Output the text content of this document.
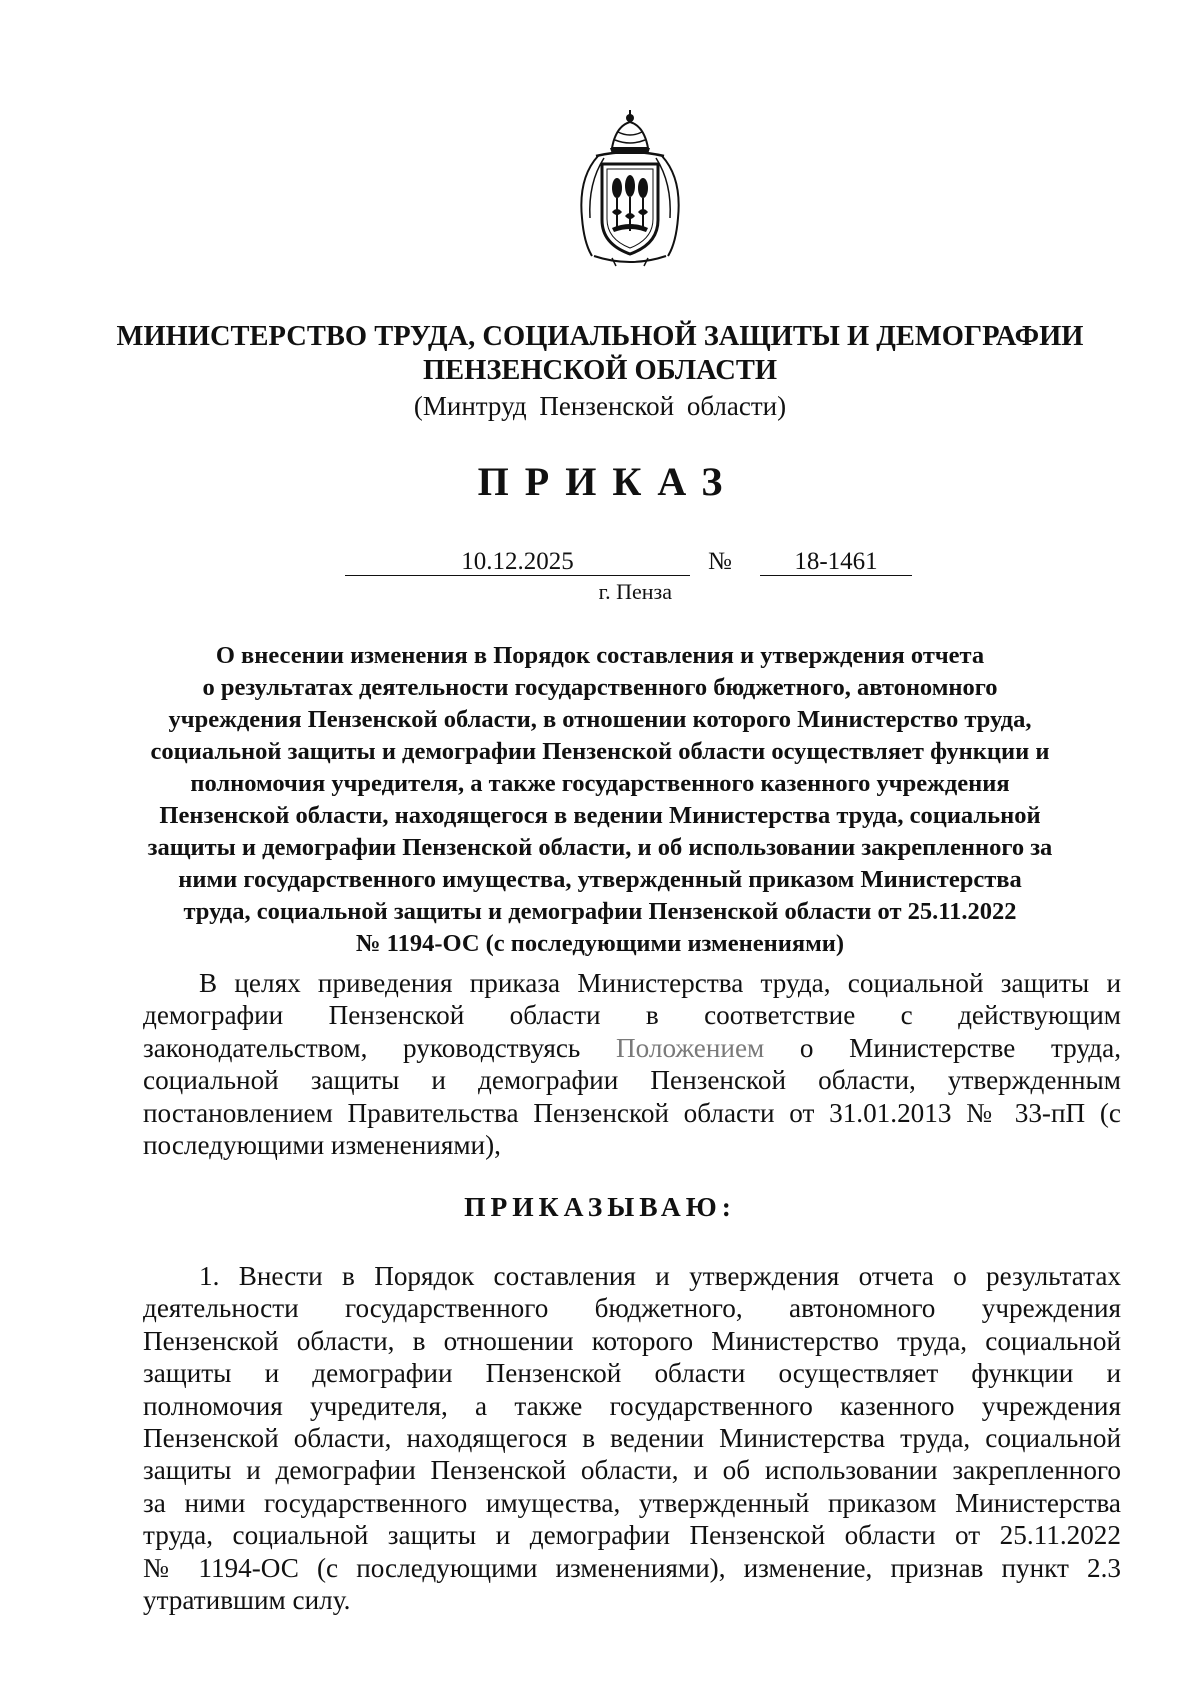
МИНИСТЕРСТВО ТРУДА, СОЦИАЛЬНОЙ ЗАЩИТЫ И ДЕМОГРАФИИ
ПЕНЗЕНСКОЙ ОБЛАСТИ
(Минтруд Пензенской области)
ПРИКАЗ
10.12.2025	№	18-1461
г. Пенза
О внесении изменения в Порядок составления и утверждения отчета
о результатах деятельности государственного бюджетного, автономного
учреждения Пензенской области, в отношении которого Министерство труда,
социальной защиты и демографии Пензенской области осуществляет функции и
полномочия учредителя, а также государственного казенного учреждения
Пензенской области, находящегося в ведении Министерства труда, социальной
защиты и демографии Пензенской области, и об использовании закрепленного за
ними государственного имущества, утвержденный приказом Министерства
труда, социальной защиты и демографии Пензенской области от 25.11.2022
№ 1194-ОС (с последующими изменениями)
В целях приведения приказа Министерства труда, социальной защиты и
демографии Пензенской области в соответствие с действующим
законодательством, руководствуясь Положением о Министерстве труда,
социальной защиты и демографии Пензенской области, утвержденным
постановлением Правительства Пензенской области от 31.01.2013 № 33-пП (с
последующими изменениями),
ПРИКАЗЫВАЮ:
1. Внести в Порядок составления и утверждения отчета о результатах
деятельности государственного бюджетного, автономного учреждения
Пензенской области, в отношении которого Министерство труда, социальной
защиты и демографии Пензенской области осуществляет функции и
полномочия учредителя, а также государственного казенного учреждения
Пензенской области, находящегося в ведении Министерства труда, социальной
защиты и демографии Пензенской области, и об использовании закрепленного
за ними государственного имущества, утвержденный приказом Министерства
труда, социальной защиты и демографии Пензенской области от 25.11.2022
№ 1194-ОС (с последующими изменениями), изменение, признав пункт 2.3
утратившим силу.
